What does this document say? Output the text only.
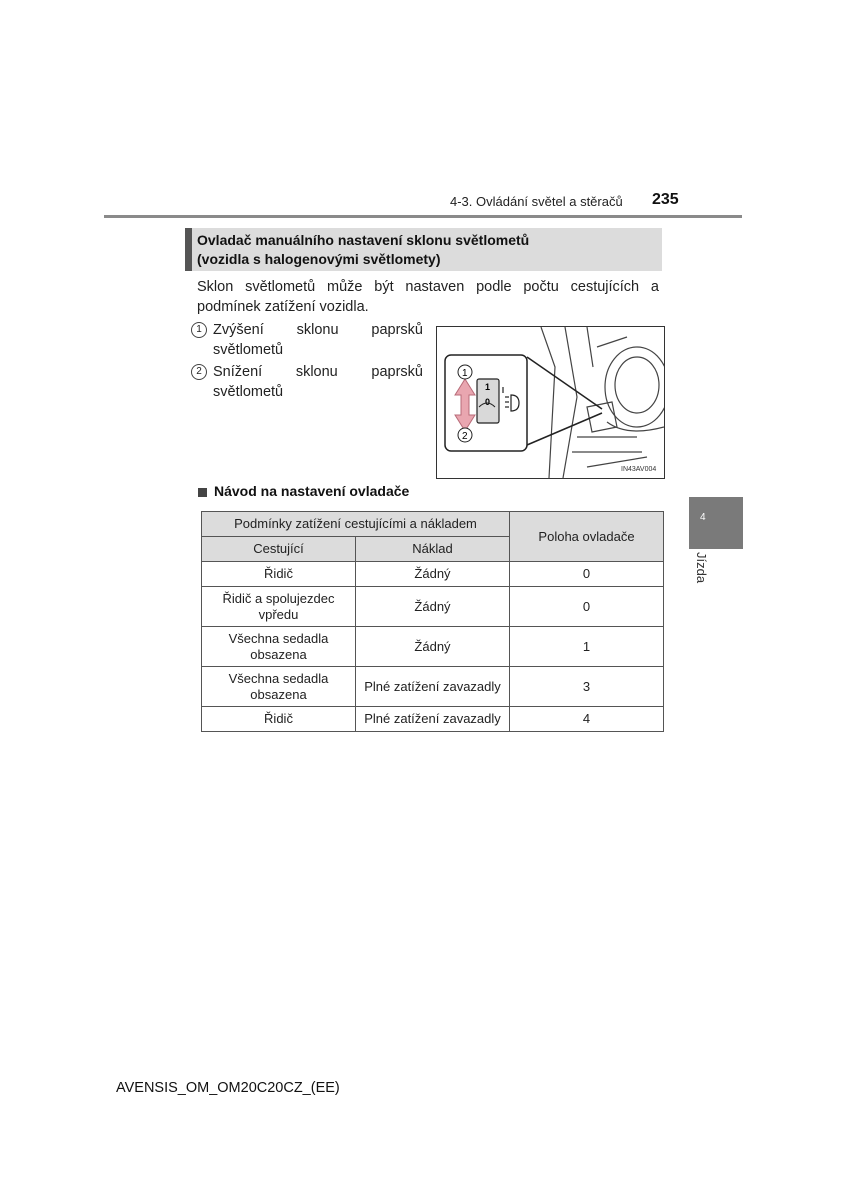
4-3. Ovládání světel a stěračů 235
Ovladač manuálního nastavení sklonu světlometů
(vozidla s halogenovými světlomety)
Sklon světlometů může být nastaven podle počtu cestujících a podmínek zatížení vozidla.
1 Zvýšení sklonu paprsků světlometů
2 Snížení sklonu paprsků světlometů	1
0
1
2
IN43AV004
Návod na nastavení ovladače
Podmínky zatížení cestujícími a nákladem		Poloha ovladače
Cestující	Náklad	
Řidič	Žádný	0
Řidič a spolujezdec vpředu	Žádný	0
Všechna sedadla obsazena	Žádný	1
Všechna sedadla obsazena	Plné zatížení zavazadly	3
Řidič	Plné zatížení zavazadly	4
4
Jízda
AVENSIS_OM_OM20C20CZ_(EE)
